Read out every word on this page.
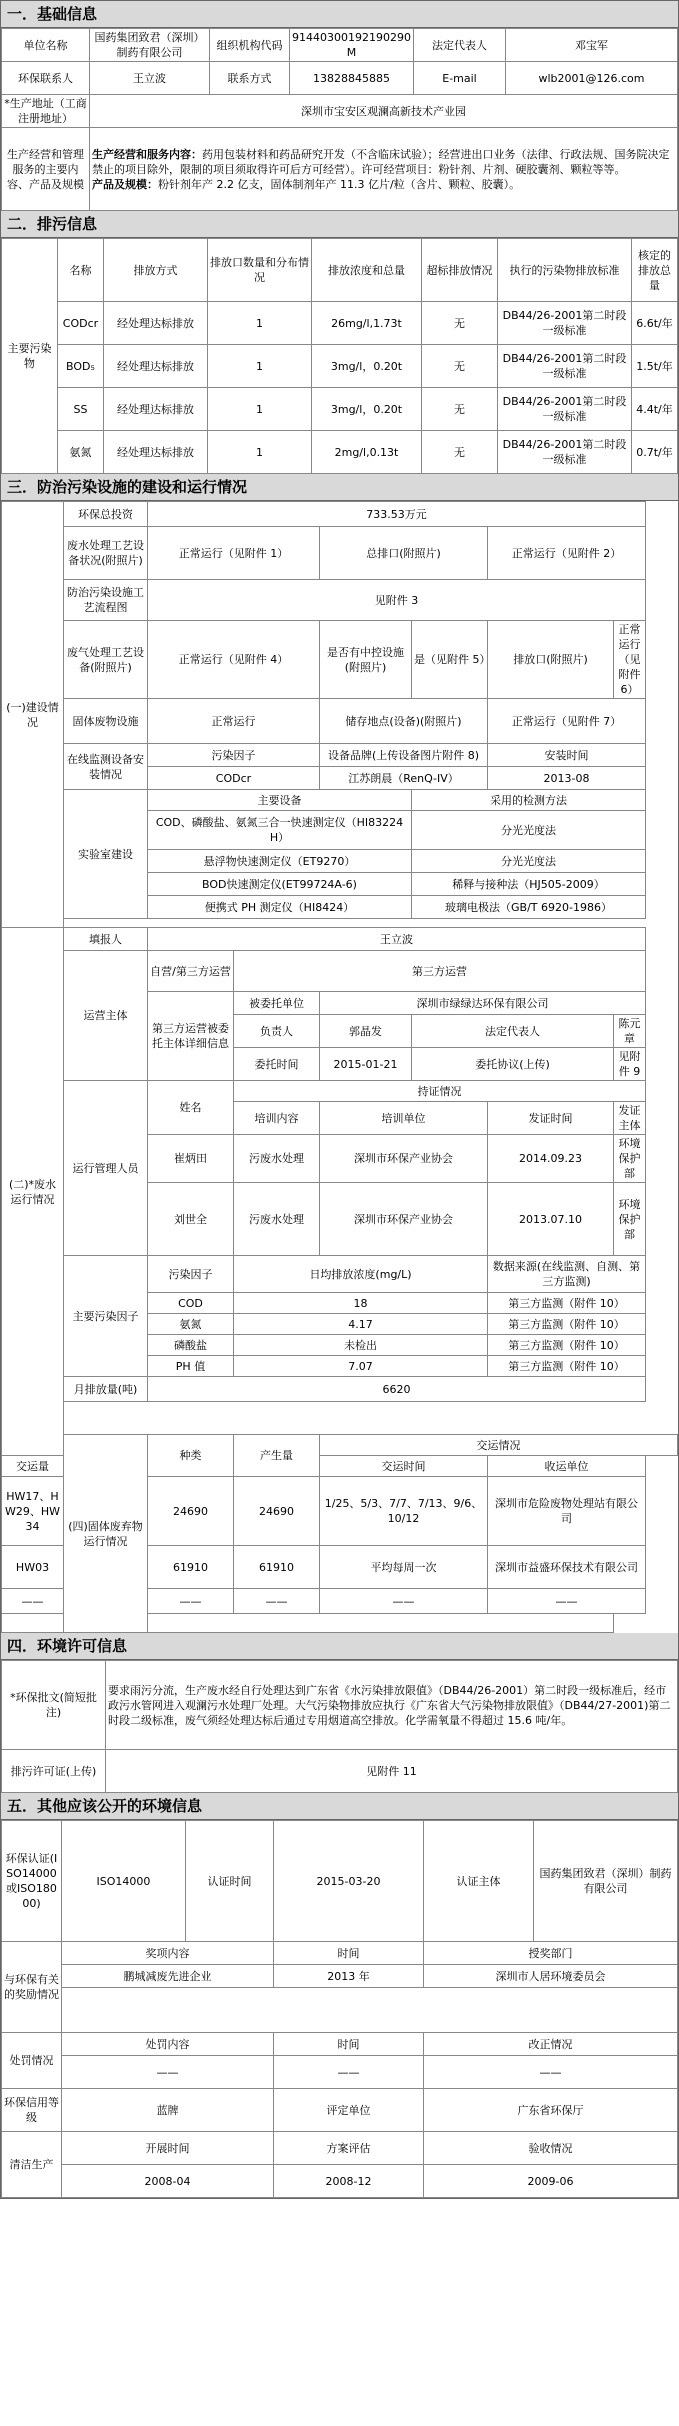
一．基础信息
单位名称	国药集团致君（深圳）制药有限公司	组织机构代码	91440300192190290M	法定代表人	邓宝军
环保联系人	王立波	联系方式	13828845885	E-mail	wlb2001@126.com
*生产地址（工商注册地址）	深圳市宝安区观澜高新技术产业园				
生产经营和管理服务的主要内容、产品及规模	生产经营和服务内容：药用包装材料和药品研究开发（不含临床试验）；经营进出口业务（法律、行政法规、国务院决定禁止的项目除外，限制的项目须取得许可后方可经营）。许可经营项目：粉针剂、片剂、硬胶囊剂、颗粒等等。
产品及规模：粉针剂年产 2.2 亿支，固体制剂年产 11.3 亿片/粒（含片、颗粒、胶囊）。				
二．排污信息
主要污染物	名称	排放方式	排放口数量和分布情况	排放浓度和总量	超标排放情况	执行的污染物排放标准	核定的排放总量
	CODcr	经处理达标排放	1	26mg/l,1.73t	无	DB44/26-2001第二时段一级标准	6.6t/年
	BOD₅	经处理达标排放	1	3mg/l，0.20t	无	DB44/26-2001第二时段一级标准	1.5t/年
	SS	经处理达标排放	1	3mg/l，0.20t	无	DB44/26-2001第二时段一级标准	4.4t/年
	氨氮	经处理达标排放	1	2mg/l,0.13t	无	DB44/26-2001第二时段一级标准	0.7t/年
三．防治污染设施的建设和运行情况
(一)建设情况	环保总投资	733.53万元					
	废水处理工艺设备状况(附照片)	正常运行（见附件 1）		总排口(附照片)		正常运行（见附件 2）	
	防治污染设施工艺流程图	见附件 3					
	废气处理工艺设备(附照片)	正常运行（见附件 4）		是否有中控设施(附照片)	是（见附件 5）	排放口(附照片)	正常运行（见附件 6）
	固体废物设施	正常运行		储存地点(设备)(附照片)		正常运行（见附件 7）	
	在线监测设备安装情况	污染因子		设备品牌(上传设备图片附件 8)		安装时间	
		CODcr		江苏朗晨（RenQ-IV）		2013-08	
	实验室建设	主要设备			采用的检测方法		
		COD、磷酸盐、氨氮三合一快速测定仪（HI83224H）			分光光度法		
		悬浮物快速测定仪（ET9270）			分光光度法		
		BOD快速测定仪(ET99724A-6)			稀释与接种法（HJ505-2009）		
		便携式 PH 测定仪（HI8424）			玻璃电极法（GB/T 6920-1986）		

(二)*废水运行情况	填报人	王立波					
	运营主体	自营/第三方运营	第三方运营				
		第三方运营被委托主体详细信息	被委托单位	深圳市绿绿达环保有限公司			
			负责人	郭晶发	法定代表人		陈元章
			委托时间	2015-01-21	委托协议(上传)		见附件 9
	运行管理人员	姓名	持证情况				
			培训内容	培训单位		发证时间	发证主体
		崔炳田	污废水处理	深圳市环保产业协会		2014.09.23	环境保护部
		刘世全	污废水处理	深圳市环保产业协会		2013.07.10	环境保护部
	主要污染因子	污染因子	日均排放浓度(mg/L)			数据来源(在线监测、自测、第三方监测)	
		COD	18			第三方监测（附件 10）	
		氨氮	4.17			第三方监测（附件 10）	
		磷酸盐	未检出			第三方监测（附件 10）	
		PH 值	7.07			第三方监测（附件 10）	
	月排放量(吨)	6620					

	(四)固体废弃物运行情况	种类	产生量	交运情况			
交运量				交运时间		收运单位	
HW17、HW29、HW34		24690	24690	1/25、5/3、7/7、7/13、9/6、10/12		深圳市危险废物处理站有限公司	
HW03		61910	61910	平均每周一次		深圳市益盛环保技术有限公司	
——		——	——	——		——	

四．环境许可信息
*环保批文(简短批注)	要求雨污分流，生产废水经自行处理达到广东省《水污染排放限值》（DB44/26-2001）第二时段一级标准后，经市政污水管网进入观澜污水处理厂处理。大气污染物排放应执行《广东省大气污染物排放限值》（DB44/27-2001)第二时段二级标准，废气须经处理达标后通过专用烟道高空排放。化学需氧量不得超过 15.6 吨/年。
排污许可证(上传)	见附件 11
五．其他应该公开的环境信息
环保认证(ISO14000或ISO18000)	ISO14000	认证时间	2015-03-20	认证主体	国药集团致君（深圳）制药有限公司
与环保有关的奖励情况	奖项内容		时间	授奖部门	
	鹏城减废先进企业		2013 年	深圳市人居环境委员会	

处罚情况	处罚内容		时间	改正情况	
	——		——	——	
环保信用等级	蓝牌		评定单位	广东省环保厅	
清洁生产	开展时间		方案评估	验收情况	
	2008-04		2008-12	2009-06	
